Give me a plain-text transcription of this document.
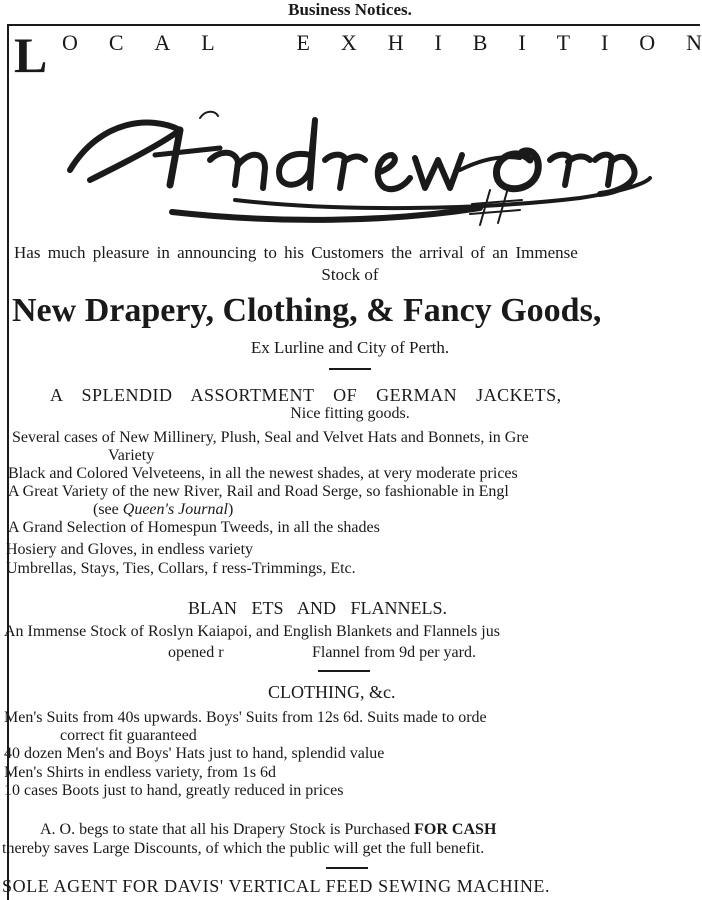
Business Notices.
L O C A L	E X H I B I T I O N
Has much pleasure in announcing to his Customers the arrival of an Immense
Stock of
New Drapery, Clothing, & Fancy Goods,
Ex Lurline and City of Perth.
A SPLENDID ASSORTMENT OF GERMAN JACKETS,
Nice fitting goods.
Several cases of New Millinery, Plush, Seal and Velvet Hats and Bonnets, in Gre
Variety
Black and Colored Velveteens, in all the newest shades, at very moderate prices
A Great Variety of the new River, Rail and Road Serge, so fashionable in Engl
(see Queen's Journal)
A Grand Selection of Homespun Tweeds, in all the shades
Hosiery and Gloves, in endless variety
Umbrellas, Stays, Ties, Collars, f ress-Trimmings, Etc.
BLAN ETS AND FLANNELS.
An Immense Stock of Roslyn Kaiapoi, and English Blankets and Flannels jus
opened r	Flannel from 9d per yard.
CLOTHING, &c.
Men's Suits from 40s upwards. Boys' Suits from 12s 6d. Suits made to orde
correct fit guaranteed
40 dozen Men's and Boys' Hats just to hand, splendid value
Men's Shirts in endless variety, from 1s 6d
10 cases Boots just to hand, greatly reduced in prices
A. O. begs to state that all his Drapery Stock is Purchased FOR CASH
thereby saves Large Discounts, of which the public will get the full benefit.
SOLE AGENT FOR DAVIS' VERTICAL FEED SEWING MACHINE.
